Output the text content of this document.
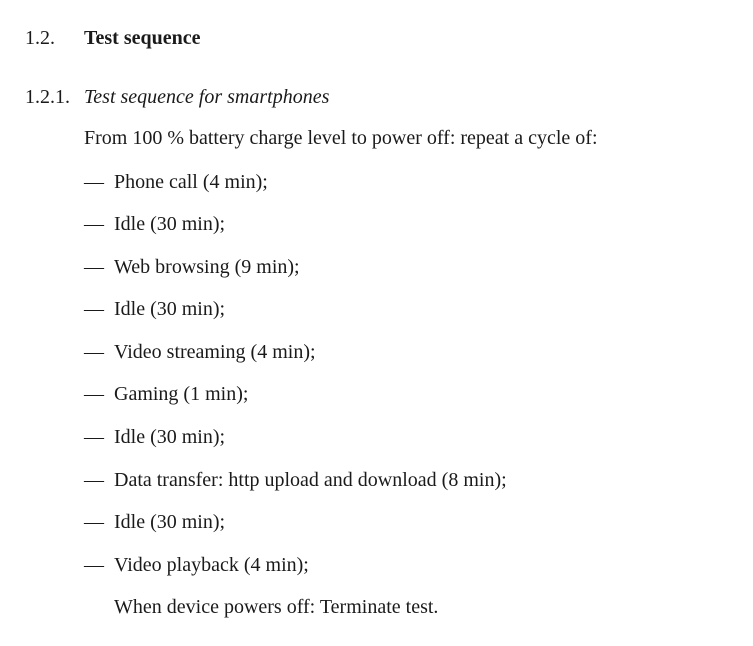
1.2. Test sequence
1.2.1. Test sequence for smartphones

From 100 % battery charge level to power off: repeat a cycle of:

— Phone call (4 min);
— Idle (30 min);
— Web browsing (9 min);
— Idle (30 min);
— Video streaming (4 min);
— Gaming (1 min);
— Idle (30 min);
— Data transfer: http upload and download (8 min);
— Idle (30 min);
— Video playback (4 min);

When device powers off: Terminate test.
